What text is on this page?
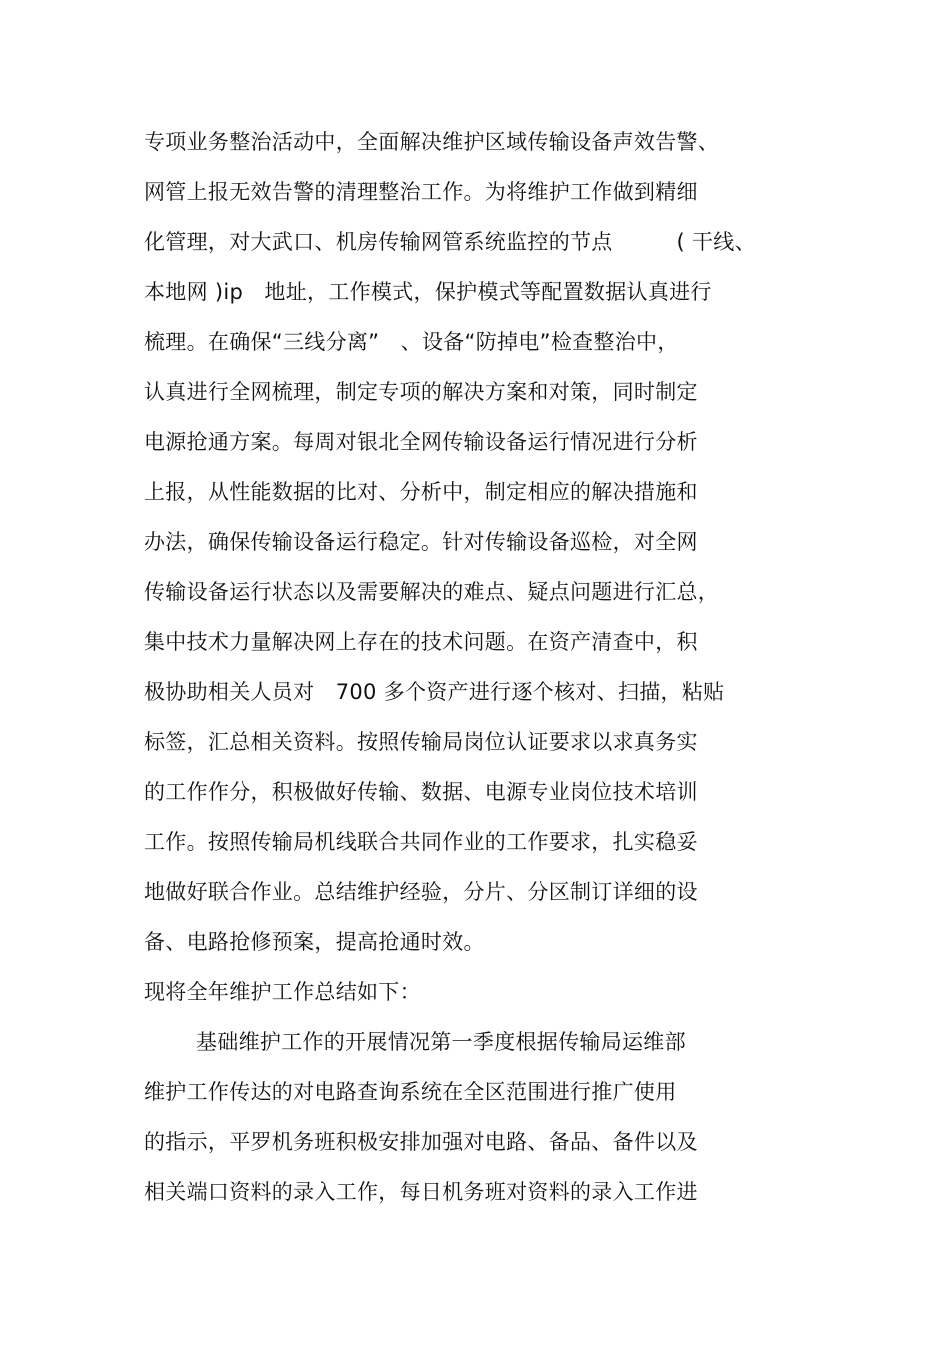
专项业务整治活动中，全面解决维护区域传输设备声效告警、
网管上报无效告警的清理整治工作。为将维护工作做到精细
化管理，对大武口、机房传输网管系统监控的节点　　　( 干线、
本地网 )ip　地址，工作模式，保护模式等配置数据认真进行
梳理。在确保“三线分离”　、设备“防掉电”检查整治中，
认真进行全网梳理，制定专项的解决方案和对策，同时制定
电源抢通方案。每周对银北全网传输设备运行情况进行分析
上报，从性能数据的比对、分析中，制定相应的解决措施和
办法，确保传输设备运行稳定。针对传输设备巡检，对全网
传输设备运行状态以及需要解决的难点、疑点问题进行汇总，
集中技术力量解决网上存在的技术问题。在资产清查中，积
极协助相关人员对　700 多个资产进行逐个核对、扫描，粘贴
标签，汇总相关资料。按照传输局岗位认证要求以求真务实
的工作作分，积极做好传输、数据、电源专业岗位技术培训
工作。按照传输局机线联合共同作业的工作要求，扎实稳妥
地做好联合作业。总结维护经验，分片、分区制订详细的设
备、电路抢修预案，提高抢通时效。
现将全年维护工作总结如下：
基础维护工作的开展情况第一季度根据传输局运维部
维护工作传达的对电路查询系统在全区范围进行推广使用
的指示，平罗机务班积极安排加强对电路、备品、备件以及
相关端口资料的录入工作，每日机务班对资料的录入工作进
